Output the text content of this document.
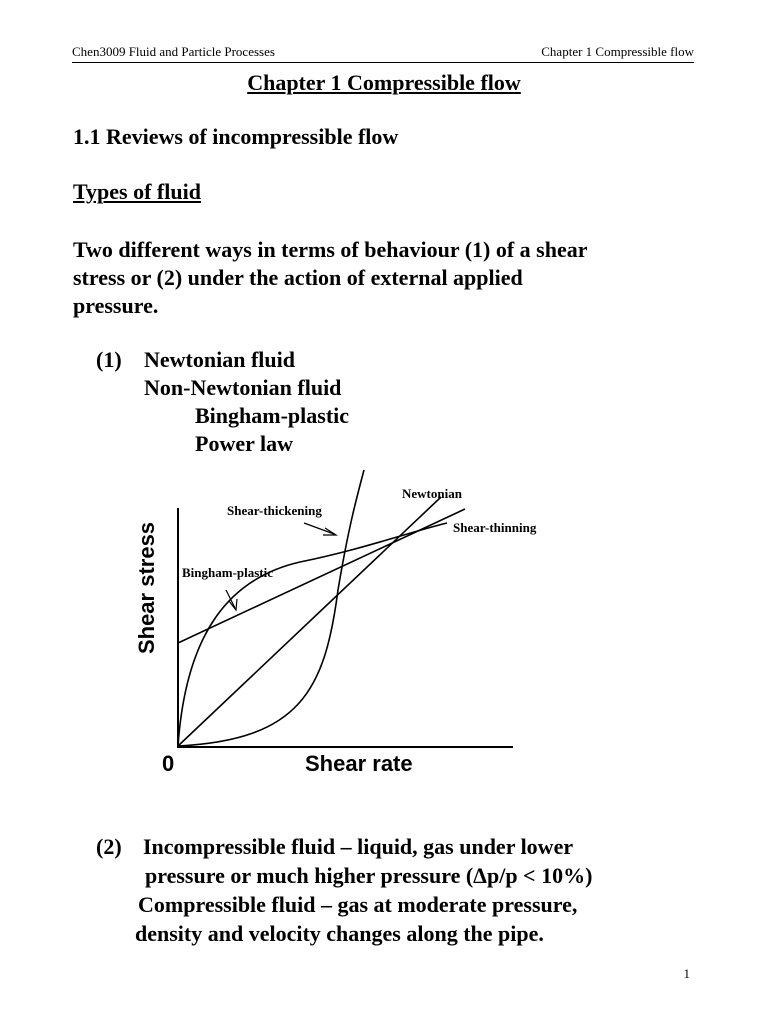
Chen3009 Fluid and Particle Processes	Chapter 1 Compressible flow
Chapter 1 Compressible flow
1.1 Reviews of incompressible flow
Types of fluid
Two different ways in terms of behaviour (1) of a shear
stress or (2) under the action of external applied
pressure.
(1) Newtonian fluid
Non-Newtonian fluid
Bingham-plastic
Power law
Newtonian
Shear-thickening
Shear-thinning
Bingham-plastic
Shear rate
Shear stress
0
(2) Incompressible fluid – liquid, gas under lower
pressure or much higher pressure (Δp/p < 10%)
Compressible fluid – gas at moderate pressure,
density and velocity changes along the pipe.
1
